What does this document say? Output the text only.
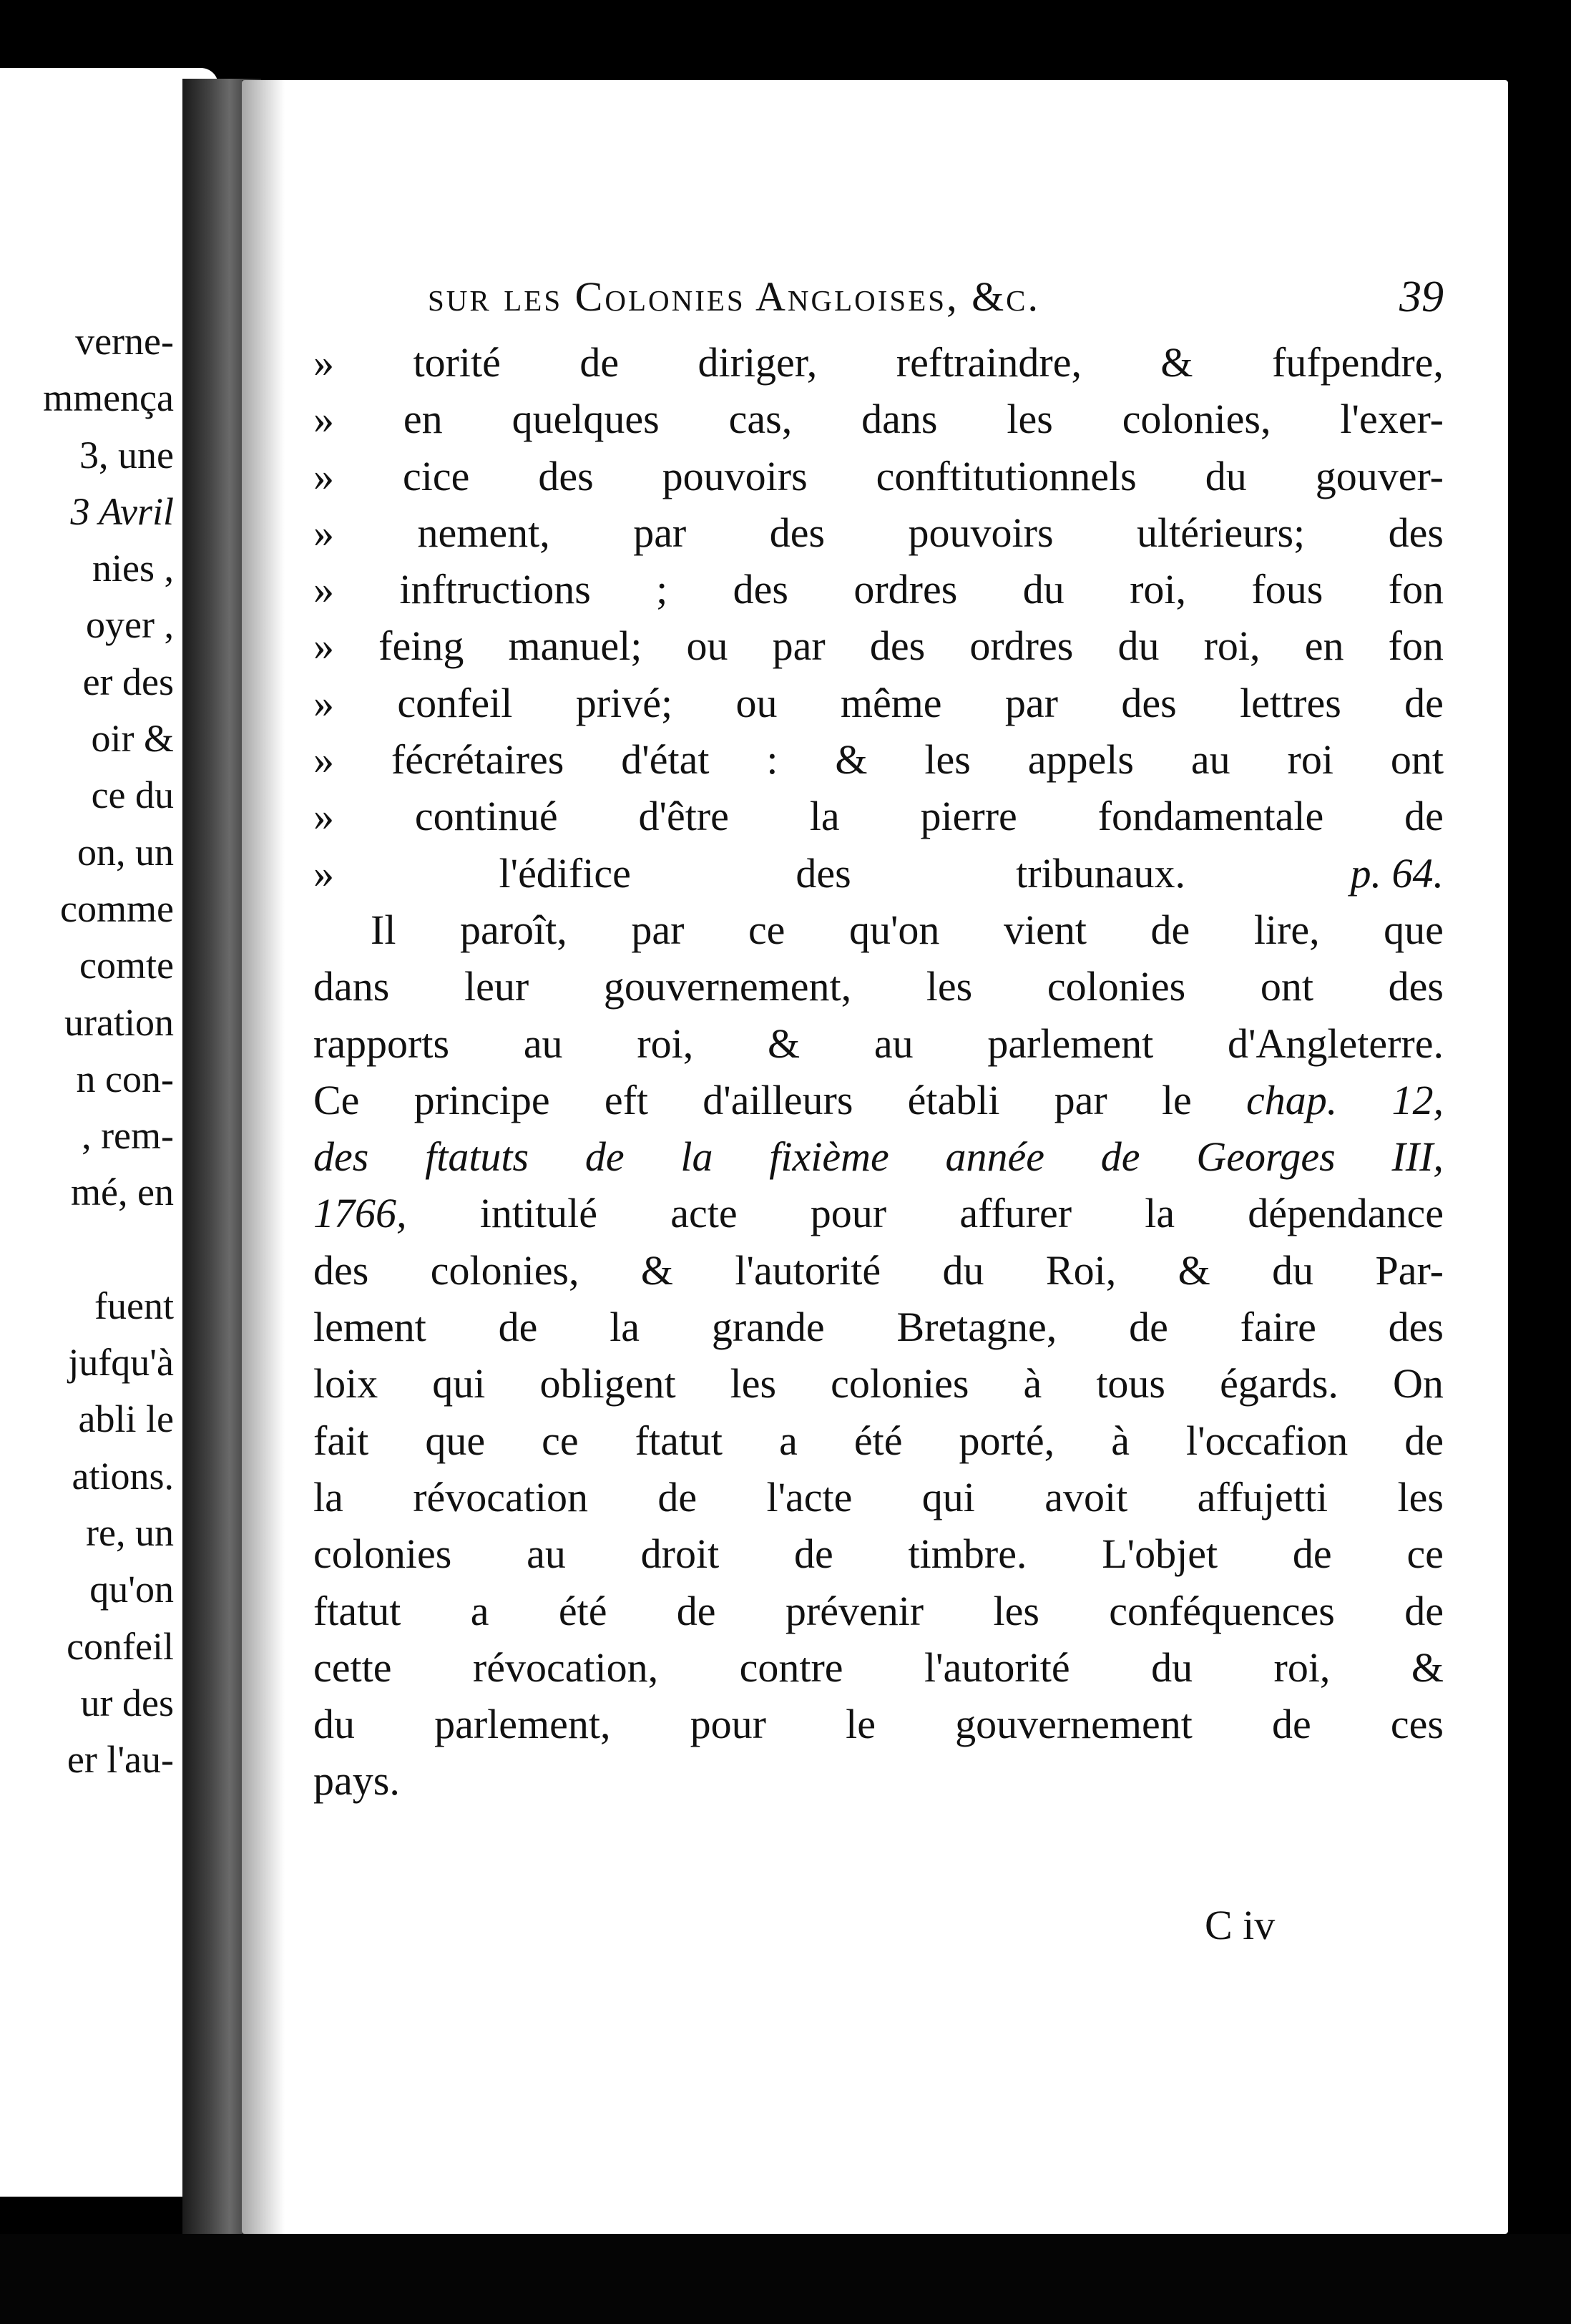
verne-
mmença
3, une
3 Avril
nies ,
oyer ,
er des
oir &
ce du
on, un
comme
comte
uration
n con-
, rem-
mé, en
fuent
jufqu'à
abli le
ations.
re, un
qu'on
confeil
ur des
er l'au-
sur les Colonies Angloises, &c.	39
» torité de diriger, reftraindre, & fufpendre,
» en quelques cas, dans les colonies, l'exer-
» cice des pouvoirs conftitutionnels du gouver-
» nement, par des pouvoirs ultérieurs; des
» inftructions ; des ordres du roi, fous fon
» feing manuel; ou par des ordres du roi, en fon
» confeil privé; ou même par des lettres de
» fécrétaires d'état : & les appels au roi ont
» continué d'être la pierre fondamentale de
»	l'édifice	des	tribunaux.	p. 64.
Il paroît, par ce qu'on vient de lire, que
dans leur gouvernement, les colonies ont des
rapports au roi, & au parlement d'Angleterre.
Ce principe eft d'ailleurs établi par le chap. 12,
des ftatuts de la fixième année de Georges III,
1766, intitulé acte pour affurer la dépendance
des colonies, & l'autorité du Roi, & du Par-
lement de la grande Bretagne, de faire des
loix qui obligent les colonies à tous égards. On
fait que ce ftatut a été porté, à l'occafion de
la révocation de l'acte qui avoit affujetti les
colonies au droit de timbre. L'objet de ce
ftatut a été de prévenir les conféquences de
cette révocation, contre l'autorité du roi, &
du parlement, pour le gouvernement de ces
pays.
C iv
